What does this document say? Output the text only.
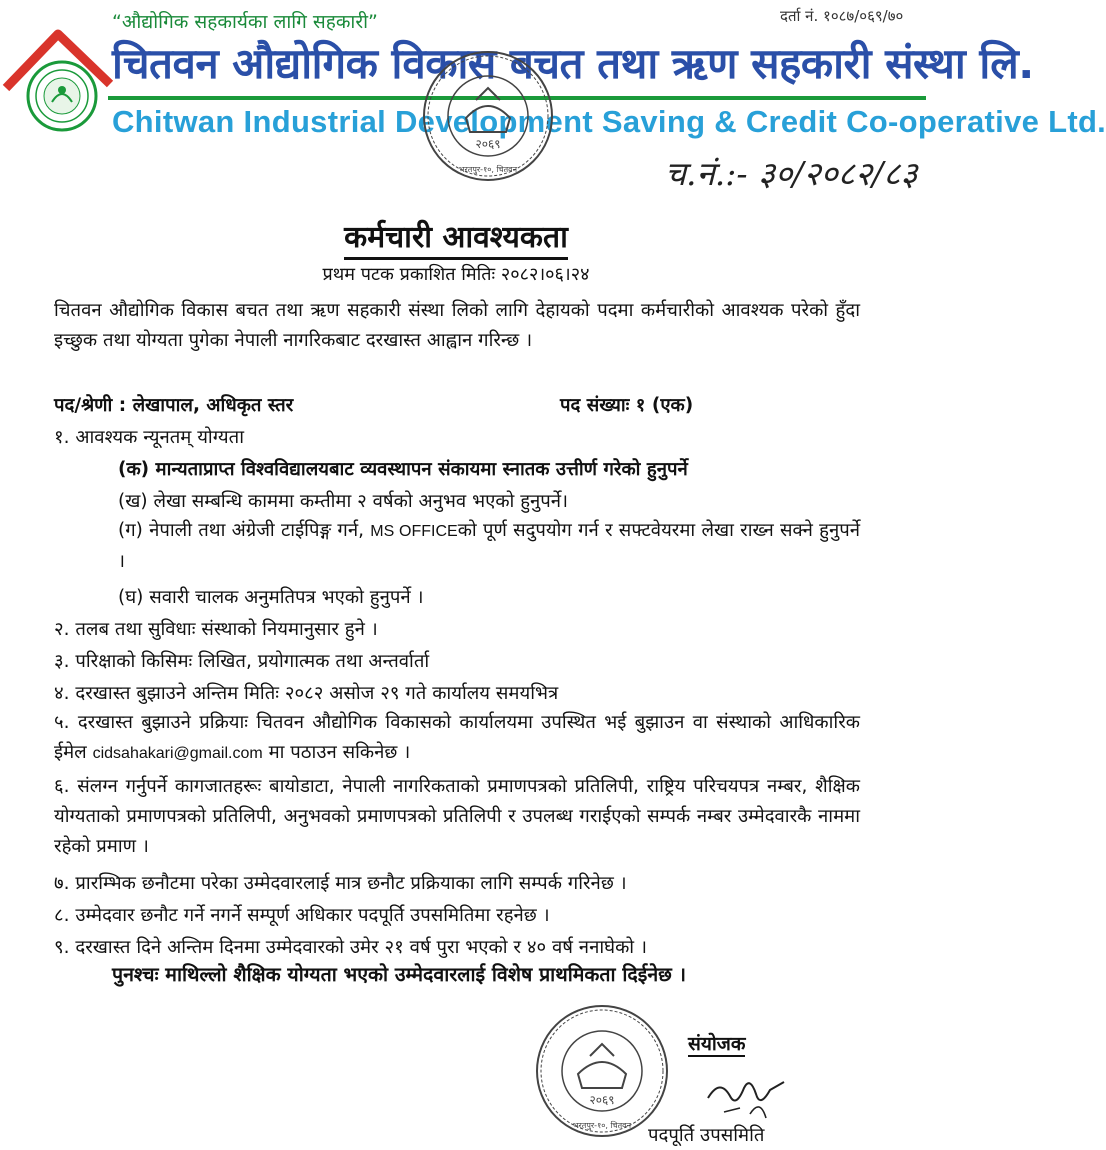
“औद्योगिक सहकार्यका लागि सहकारी”	दर्ता नं. १०८७/०६९/७०
चितवन औद्योगिक विकास बचत तथा ऋण सहकारी संस्था लि.
Chitwan Industrial Development Saving & Credit Co-operative Ltd.
२०६९
भरतपुर-१०, चितवन	च.नं.:- ३०/२०८२/८३
कर्मचारी आवश्यकता
प्रथम पटक प्रकाशित मितिः २०८२।०६।२४
चितवन औद्योगिक विकास बचत तथा ऋण सहकारी संस्था लिको लागि देहायको पदमा कर्मचारीको आवश्यक परेको हुँदा इच्छुक तथा योग्यता पुगेका नेपाली नागरिकबाट दरखास्त आह्वान गरिन्छ ।
पद/श्रेणी : लेखापाल, अधिकृत स्तर	पद संख्याः १ (एक)
१. आवश्यक न्यूनतम् योग्यता
(क) मान्यताप्राप्त विश्वविद्यालयबाट व्यवस्थापन संकायमा स्नातक उत्तीर्ण गरेको हुनुपर्ने
(ख) लेखा सम्बन्धि काममा कम्तीमा २ वर्षको अनुभव भएको हुनुपर्ने।
(ग) नेपाली तथा अंग्रेजी टाईपिङ्ग गर्न, MS OFFICEको पूर्ण सदुपयोग गर्न र सफ्टवेयरमा लेखा राख्न सक्ने हुनुपर्ने ।
(घ) सवारी चालक अनुमतिपत्र भएको हुनुपर्ने ।
२. तलब तथा सुविधाः संस्थाको नियमानुसार हुने ।
३. परिक्षाको किसिमः लिखित, प्रयोगात्मक तथा अन्तर्वार्ता
४. दरखास्त बुझाउने अन्तिम मितिः २०८२ असोज २९ गते कार्यालय समयभित्र
५. दरखास्त बुझाउने प्रक्रियाः चितवन औद्योगिक विकासको कार्यालयमा उपस्थित भई बुझाउन वा संस्थाको आधिकारिक ईमेल cidsahakari@gmail.com मा पठाउन सकिनेछ ।
६. संलग्न गर्नुपर्ने कागजातहरूः बायोडाटा, नेपाली नागरिकताको प्रमाणपत्रको प्रतिलिपी, राष्ट्रिय परिचयपत्र नम्बर, शैक्षिक योग्यताको प्रमाणपत्रको प्रतिलिपी, अनुभवको प्रमाणपत्रको प्रतिलिपी र उपलब्ध गराईएको सम्पर्क नम्बर उम्मेदवारकै नाममा रहेको प्रमाण ।
७. प्रारम्भिक छनौटमा परेका उम्मेदवारलाई मात्र छनौट प्रक्रियाका लागि सम्पर्क गरिनेछ ।
८. उम्मेदवार छनौट गर्ने नगर्ने सम्पूर्ण अधिकार पदपूर्ति उपसमितिमा रहनेछ ।
९. दरखास्त दिने अन्तिम दिनमा उम्मेदवारको उमेर २१ वर्ष पुरा भएको र ४० वर्ष ननाघेको ।
पुनश्चः माथिल्लो शैक्षिक योग्यता भएको उम्मेदवारलाई विशेष प्राथमिकता दिईनेछ ।
२०६९
भरतपुर-१०, चितवन
संयोजक
पदपूर्ति उपसमिति
